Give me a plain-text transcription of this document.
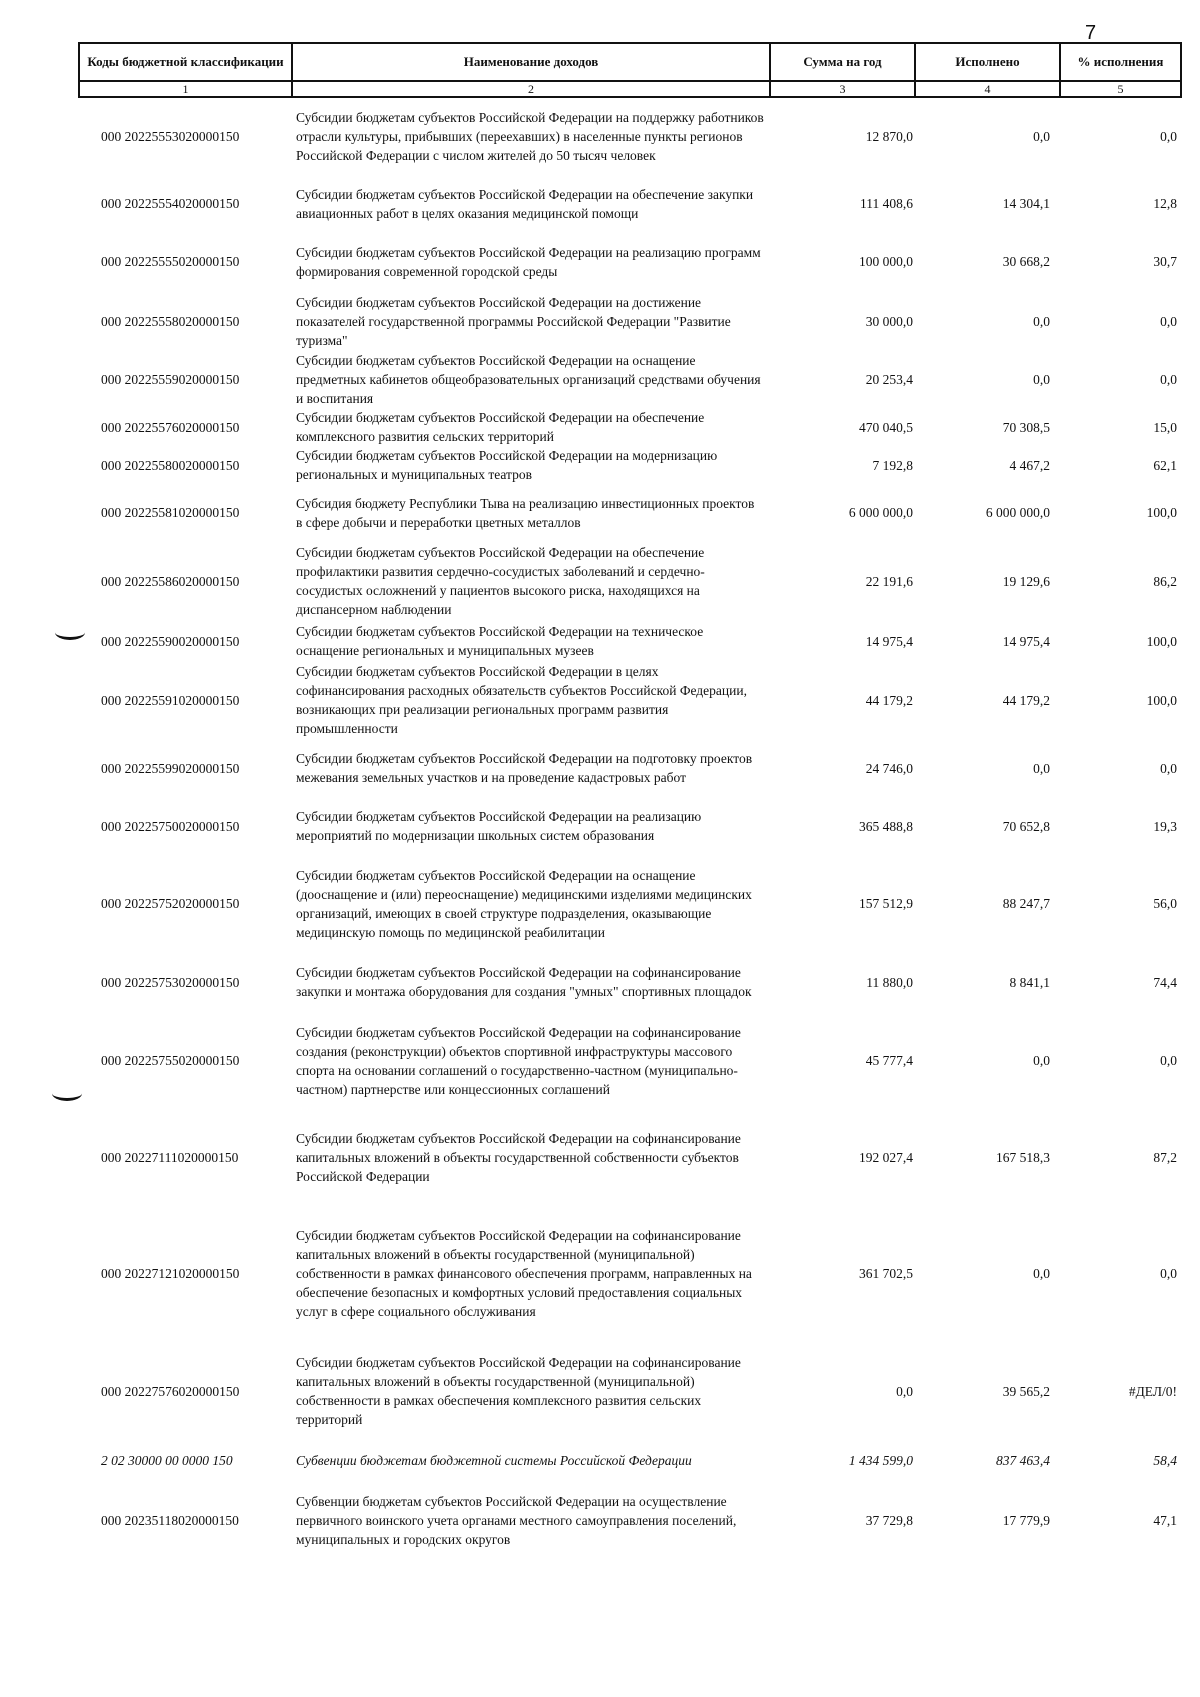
7
Коды бюджетной классификации	Наименование доходов	Сумма на год	Исполнено	% исполнения
1	2	3	4	5
000 20225553020000150	Субсидии бюджетам субъектов Российской Федерации на поддержку работников отрасли культуры, прибывших (переехавших) в населенные пункты регионов Российской Федерации с числом жителей до 50 тысяч человек	12 870,0	0,0	0,0
000 20225554020000150	Субсидии бюджетам субъектов Российской Федерации на обеспечение закупки авиационных работ в целях оказания медицинской помощи	111 408,6	14 304,1	12,8
000 20225555020000150	Субсидии бюджетам субъектов Российской Федерации на реализацию программ формирования современной городской среды	100 000,0	30 668,2	30,7
000 20225558020000150	Субсидии бюджетам субъектов Российской Федерации на достижение показателей государственной программы Российской Федерации "Развитие туризма"	30 000,0	0,0	0,0
000 20225559020000150	Субсидии бюджетам субъектов Российской Федерации на оснащение предметных кабинетов общеобразовательных организаций средствами обучения и воспитания	20 253,4	0,0	0,0
000 20225576020000150	Субсидии бюджетам субъектов Российской Федерации на обеспечение комплексного развития сельских территорий	470 040,5	70 308,5	15,0
000 20225580020000150	Субсидии бюджетам субъектов Российской Федерации на модернизацию региональных и муниципальных театров	7 192,8	4 467,2	62,1
000 20225581020000150	Субсидия бюджету Республики Тыва на реализацию инвестиционных проектов в сфере добычи и переработки цветных металлов	6 000 000,0	6 000 000,0	100,0
000 20225586020000150	Субсидии бюджетам субъектов Российской Федерации на обеспечение профилактики развития сердечно-сосудистых заболеваний и сердечно-сосудистых осложнений у пациентов высокого риска, находящихся на диспансерном наблюдении	22 191,6	19 129,6	86,2
000 20225590020000150	Субсидии бюджетам субъектов Российской Федерации на техническое оснащение региональных и муниципальных музеев	14 975,4	14 975,4	100,0
000 20225591020000150	Субсидии бюджетам субъектов Российской Федерации в целях софинансирования расходных обязательств субъектов Российской Федерации, возникающих при реализации региональных программ развития промышленности	44 179,2	44 179,2	100,0
000 20225599020000150	Субсидии бюджетам субъектов Российской Федерации на подготовку проектов межевания земельных участков и на проведение кадастровых работ	24 746,0	0,0	0,0
000 20225750020000150	Субсидии бюджетам субъектов Российской Федерации на реализацию мероприятий по модернизации школьных систем образования	365 488,8	70 652,8	19,3
000 20225752020000150	Субсидии бюджетам субъектов Российской Федерации на оснащение (дооснащение и (или) переоснащение) медицинскими изделиями медицинских организаций, имеющих в своей структуре подразделения, оказывающие медицинскую помощь по медицинской реабилитации	157 512,9	88 247,7	56,0
000 20225753020000150	Субсидии бюджетам субъектов Российской Федерации на софинансирование закупки и монтажа оборудования для создания "умных" спортивных площадок	11 880,0	8 841,1	74,4
000 20225755020000150	Субсидии бюджетам субъектов Российской Федерации на софинансирование создания (реконструкции) объектов спортивной инфраструктуры массового спорта на основании соглашений о государственно-частном (муниципально-частном) партнерстве или концессионных соглашений	45 777,4	0,0	0,0
000 20227111020000150	Субсидии бюджетам субъектов Российской Федерации на софинансирование капитальных вложений в объекты государственной собственности субъектов Российской Федерации	192 027,4	167 518,3	87,2
000 20227121020000150	Субсидии бюджетам субъектов Российской Федерации на софинансирование капитальных вложений в объекты государственной (муниципальной) собственности в рамках финансового обеспечения программ, направленных на обеспечение безопасных и комфортных условий предоставления социальных услуг в сфере социального обслуживания	361 702,5	0,0	0,0
000 20227576020000150	Субсидии бюджетам субъектов Российской Федерации на софинансирование капитальных вложений в объекты государственной (муниципальной) собственности в рамках обеспечения комплексного развития сельских территорий	0,0	39 565,2	#ДЕЛ/0!
2 02 30000 00 0000 150	Субвенции бюджетам бюджетной системы Российской Федерации	1 434 599,0	837 463,4	58,4
000 20235118020000150	Субвенции бюджетам субъектов Российской Федерации на осуществление первичного воинского учета органами местного самоуправления поселений, муниципальных и городских округов	37 729,8	17 779,9	47,1
